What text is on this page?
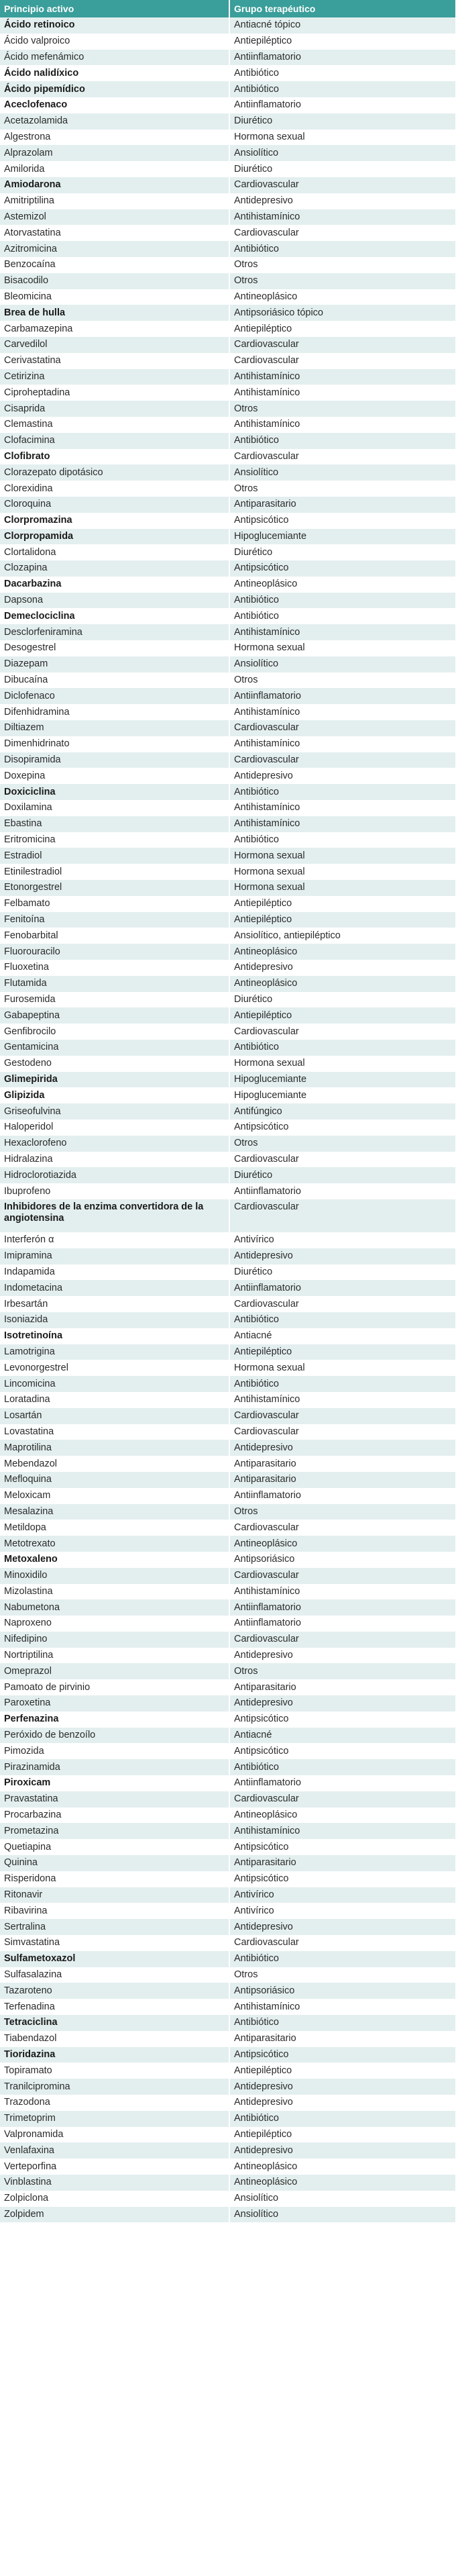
Principio activo	Grupo terapéutico
Ácido retinoico	Antiacné tópico
Ácido valproico	Antiepiléptico
Ácido mefenámico	Antiinflamatorio
Ácido nalidíxico	Antibiótico
Ácido pipemídico	Antibiótico
Aceclofenaco	Antiinflamatorio
Acetazolamida	Diurético
Algestrona	Hormona sexual
Alprazolam	Ansiolítico
Amilorida	Diurético
Amiodarona	Cardiovascular
Amitriptilina	Antidepresivo
Astemizol	Antihistamínico
Atorvastatina	Cardiovascular
Azitromicina	Antibiótico
Benzocaína	Otros
Bisacodilo	Otros
Bleomicina	Antineoplásico
Brea de hulla	Antipsoriásico tópico
Carbamazepina	Antiepiléptico
Carvedilol	Cardiovascular
Cerivastatina	Cardiovascular
Cetirizina	Antihistamínico
Ciproheptadina	Antihistamínico
Cisaprida	Otros
Clemastina	Antihistamínico
Clofacimina	Antibiótico
Clofibrato	Cardiovascular
Clorazepato dipotásico	Ansiolítico
Clorexidina	Otros
Cloroquina	Antiparasitario
Clorpromazina	Antipsicótico
Clorpropamida	Hipoglucemiante
Clortalidona	Diurético
Clozapina	Antipsicótico
Dacarbazina	Antineoplásico
Dapsona	Antibiótico
Demeclociclina	Antibiótico
Desclorfeniramina	Antihistamínico
Desogestrel	Hormona sexual
Diazepam	Ansiolítico
Dibucaína	Otros
Diclofenaco	Antiinflamatorio
Difenhidramina	Antihistamínico
Diltiazem	Cardiovascular
Dimenhidrinato	Antihistamínico
Disopiramida	Cardiovascular
Doxepina	Antidepresivo
Doxiciclina	Antibiótico
Doxilamina	Antihistamínico
Ebastina	Antihistamínico
Eritromicina	Antibiótico
Estradiol	Hormona sexual
Etinilestradiol	Hormona sexual
Etonorgestrel	Hormona sexual
Felbamato	Antiepiléptico
Fenitoína	Antiepiléptico
Fenobarbital	Ansiolítico, antiepiléptico
Fluorouracilo	Antineoplásico
Fluoxetina	Antidepresivo
Flutamida	Antineoplásico
Furosemida	Diurético
Gabapeptina	Antiepiléptico
Genfibrocilo	Cardiovascular
Gentamicina	Antibiótico
Gestodeno	Hormona sexual
Glimepirida	Hipoglucemiante
Glipizida	Hipoglucemiante
Griseofulvina	Antifúngico
Haloperidol	Antipsicótico
Hexaclorofeno	Otros
Hidralazina	Cardiovascular
Hidroclorotiazida	Diurético
Ibuprofeno	Antiinflamatorio
Inhibidores de la enzima convertidora de la angiotensina	Cardiovascular
Interferón α	Antivírico
Imipramina	Antidepresivo
Indapamida	Diurético
Indometacina	Antiinflamatorio
Irbesartán	Cardiovascular
Isoniazida	Antibiótico
Isotretinoína	Antiacné
Lamotrigina	Antiepiléptico
Levonorgestrel	Hormona sexual
Lincomicina	Antibiótico
Loratadina	Antihistamínico
Losartán	Cardiovascular
Lovastatina	Cardiovascular
Maprotilina	Antidepresivo
Mebendazol	Antiparasitario
Mefloquina	Antiparasitario
Meloxicam	Antiinflamatorio
Mesalazina	Otros
Metildopa	Cardiovascular
Metotrexato	Antineoplásico
Metoxaleno	Antipsoriásico
Minoxidilo	Cardiovascular
Mizolastina	Antihistamínico
Nabumetona	Antiinflamatorio
Naproxeno	Antiinflamatorio
Nifedipino	Cardiovascular
Nortriptilina	Antidepresivo
Omeprazol	Otros
Pamoato de pirvinio	Antiparasitario
Paroxetina	Antidepresivo
Perfenazina	Antipsicótico
Peróxido de benzoílo	Antiacné
Pimozida	Antipsicótico
Pirazinamida	Antibiótico
Piroxicam	Antiinflamatorio
Pravastatina	Cardiovascular
Procarbazina	Antineoplásico
Prometazina	Antihistamínico
Quetiapina	Antipsicótico
Quinina	Antiparasitario
Risperidona	Antipsicótico
Ritonavir	Antivírico
Ribavirina	Antivírico
Sertralina	Antidepresivo
Simvastatina	Cardiovascular
Sulfametoxazol	Antibiótico
Sulfasalazina	Otros
Tazaroteno	Antipsoriásico
Terfenadina	Antihistamínico
Tetraciclina	Antibiótico
Tiabendazol	Antiparasitario
Tioridazina	Antipsicótico
Topiramato	Antiepiléptico
Tranilcipromina	Antidepresivo
Trazodona	Antidepresivo
Trimetoprim	Antibiótico
Valpronamida	Antiepiléptico
Venlafaxina	Antidepresivo
Verteporfina	Antineoplásico
Vinblastina	Antineoplásico
Zolpiclona	Ansiolítico
Zolpidem	Ansiolítico
